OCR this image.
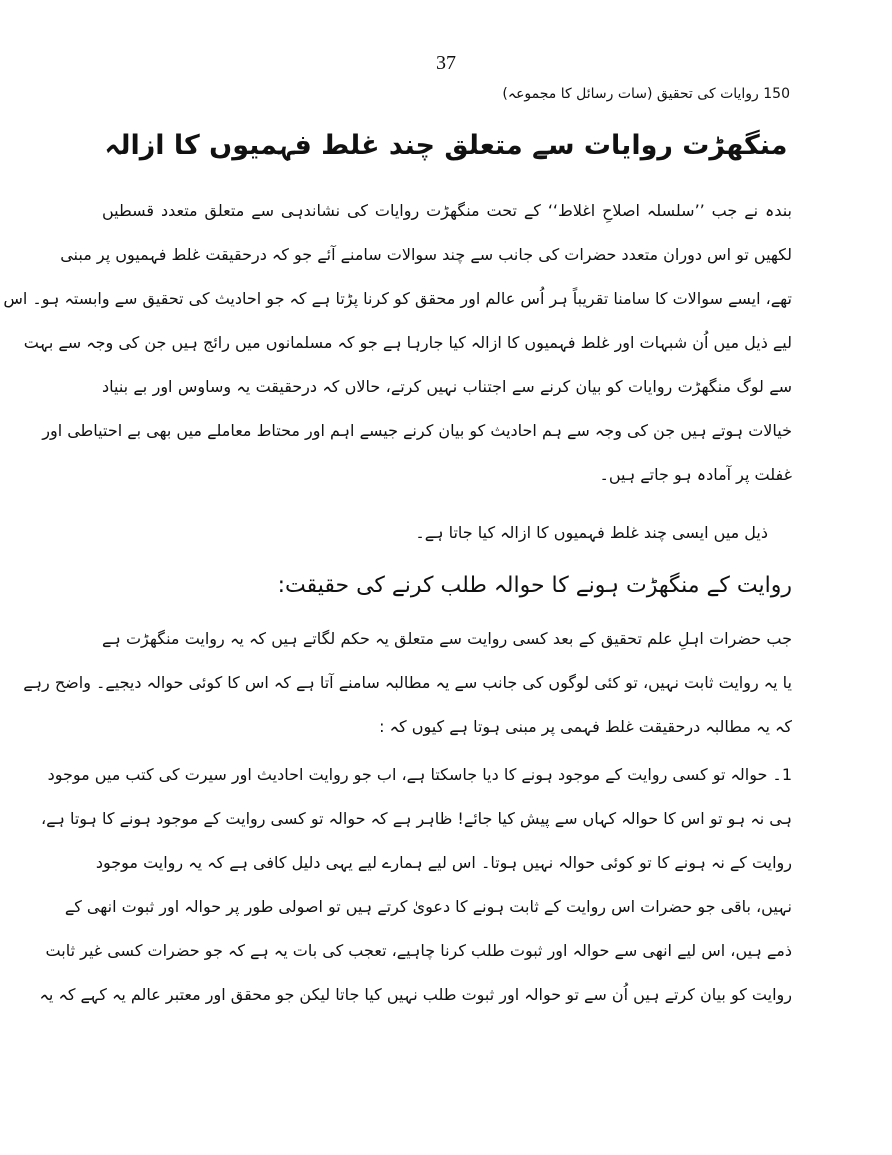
37
150 روایات کی تحقیق (سات رسائل کا مجموعہ)
منگھڑت روایات سے متعلق چند غلط فہمیوں کا ازالہ
بندہ نے جب ’’سلسلہ اصلاحِ اغلاط‘‘ کے تحت منگھڑت روایات کی نشاندہی سے متعلق متعدد قسطیں
لکھیں تو اس دوران متعدد حضرات کی جانب سے چند سوالات سامنے آئے جو کہ درحقیقت غلط فہمیوں پر مبنی
تھے، ایسے سوالات کا سامنا تقریباً ہر اُس عالم اور محقق کو کرنا پڑتا ہے کہ جو احادیث کی تحقیق سے وابستہ ہو۔ اس
لیے ذیل میں اُن شبہات اور غلط فہمیوں کا ازالہ کیا جارہا ہے جو کہ مسلمانوں میں رائج ہیں جن کی وجہ سے بہت
سے لوگ منگھڑت روایات کو بیان کرنے سے اجتناب نہیں کرتے، حالاں کہ درحقیقت یہ وساوس اور بے بنیاد
خیالات ہوتے ہیں جن کی وجہ سے ہم احادیث کو بیان کرنے جیسے اہم اور محتاط معاملے میں بھی بے احتیاطی اور
غفلت پر آمادہ ہو جاتے ہیں۔
ذیل میں ایسی چند غلط فہمیوں کا ازالہ کیا جاتا ہے۔
روایت کے منگھڑت ہونے کا حوالہ طلب کرنے کی حقیقت:
جب حضرات اہلِ علم تحقیق کے بعد کسی روایت سے متعلق یہ حکم لگاتے ہیں کہ یہ روایت منگھڑت ہے
یا یہ روایت ثابت نہیں، تو کئی لوگوں کی جانب سے یہ مطالبہ سامنے آتا ہے کہ اس کا کوئی حوالہ دیجیے۔ واضح رہے
کہ یہ مطالبہ درحقیقت غلط فہمی پر مبنی ہوتا ہے کیوں کہ :
1۔ حوالہ تو کسی روایت کے موجود ہونے کا دیا جاسکتا ہے، اب جو روایت احادیث اور سیرت کی کتب میں موجود
ہی نہ ہو تو اس کا حوالہ کہاں سے پیش کیا جائے! ظاہر ہے کہ حوالہ تو کسی روایت کے موجود ہونے کا ہوتا ہے،
روایت کے نہ ہونے کا تو کوئی حوالہ نہیں ہوتا۔ اس لیے ہمارے لیے یہی دلیل کافی ہے کہ یہ روایت موجود
نہیں، باقی جو حضرات اس روایت کے ثابت ہونے کا دعویٰ کرتے ہیں تو اصولی طور پر حوالہ اور ثبوت انھی کے
ذمے ہیں، اس لیے انھی سے حوالہ اور ثبوت طلب کرنا چاہیے، تعجب کی بات یہ ہے کہ جو حضرات کسی غیر ثابت
روایت کو بیان کرتے ہیں اُن سے تو حوالہ اور ثبوت طلب نہیں کیا جاتا لیکن جو محقق اور معتبر عالم یہ کہے کہ یہ
